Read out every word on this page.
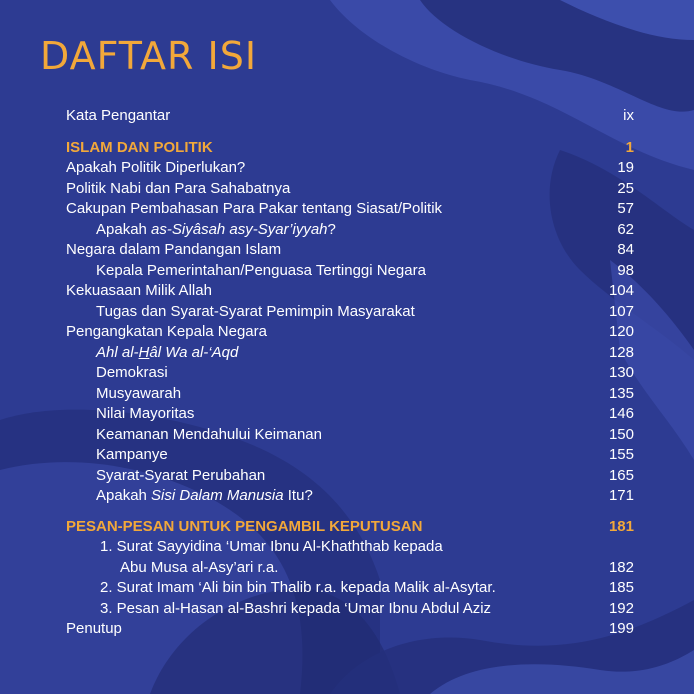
DAFTAR ISI
Kata Pengantar	ix
ISLAM DAN POLITIK	1
Apakah Politik Diperlukan?	19
Politik Nabi dan Para Sahabatnya	25
Cakupan Pembahasan Para Pakar tentang Siasat/Politik	57
Apakah as-Siyâsah asy-Syar’iyyah?	62
Negara dalam Pandangan Islam	84
Kepala Pemerintahan/Penguasa Tertinggi Negara	98
Kekuasaan Milik Allah	104
Tugas dan Syarat-Syarat Pemimpin Masyarakat	107
Pengangkatan Kepala Negara	120
Ahl al-Hâl Wa al-‘Aqd	128
Demokrasi	130
Musyawarah	135
Nilai Mayoritas	146
Keamanan Mendahului Keimanan	150
Kampanye	155
Syarat-Syarat Perubahan	165
Apakah Sisi Dalam Manusia Itu?	171
PESAN-PESAN UNTUK PENGAMBIL KEPUTUSAN	181
1. Surat Sayyidina ‘Umar Ibnu Al-Khaththab kepada
Abu Musa al-Asy’ari r.a.	182
2. Surat Imam ‘Ali bin bin Thalib r.a. kepada Malik al-Asytar.	185
3. Pesan al-Hasan al-Bashri kepada ‘Umar Ibnu Abdul Aziz	192
Penutup	199
